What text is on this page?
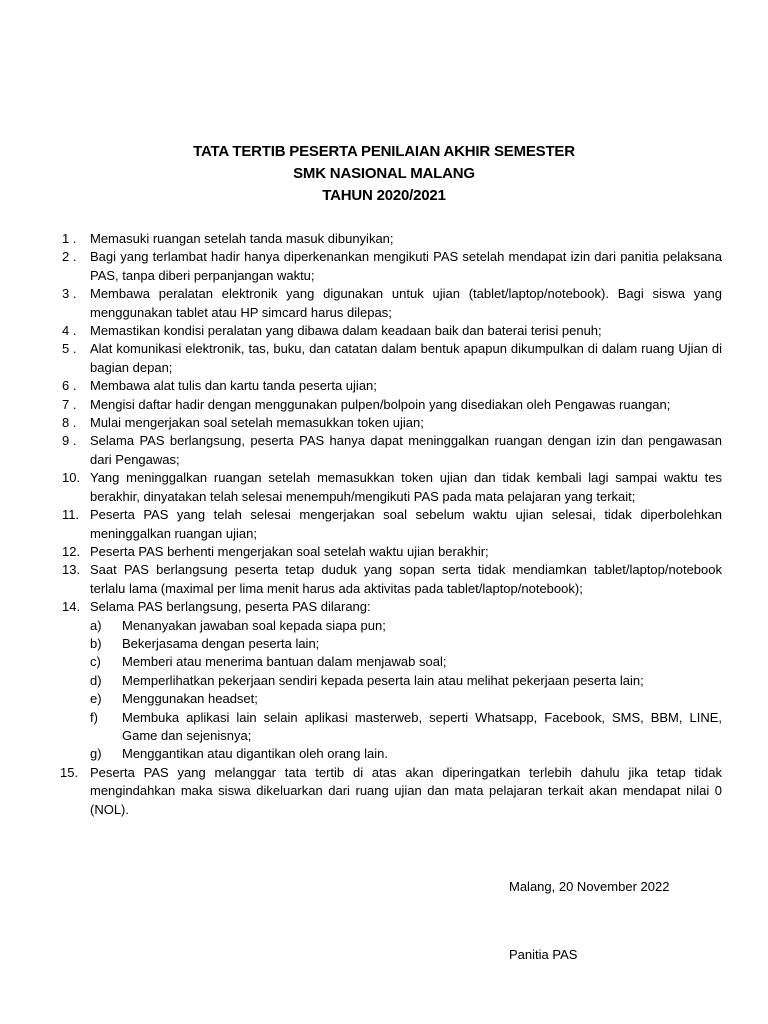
TATA TERTIB PESERTA PENILAIAN AKHIR SEMESTER
SMK NASIONAL MALANG
TAHUN 2020/2021
1 .	Memasuki ruangan setelah tanda masuk dibunyikan;
2 .	Bagi yang terlambat hadir hanya diperkenankan mengikuti PAS setelah mendapat izin dari panitia pelaksana PAS, tanpa diberi perpanjangan waktu;
3 .	Membawa peralatan elektronik yang digunakan untuk ujian (tablet/laptop/notebook). Bagi siswa yang menggunakan tablet atau HP simcard harus dilepas;
4 .	Memastikan kondisi peralatan yang dibawa dalam keadaan baik dan baterai terisi penuh;
5 .	Alat komunikasi elektronik, tas, buku, dan catatan dalam bentuk apapun dikumpulkan di dalam ruang Ujian di bagian depan;
6 .	Membawa alat tulis dan kartu tanda peserta ujian;
7 .	Mengisi daftar hadir dengan menggunakan pulpen/bolpoin yang disediakan oleh Pengawas ruangan;
8 .	Mulai mengerjakan soal setelah memasukkan token ujian;
9 .	Selama PAS berlangsung, peserta PAS hanya dapat meninggalkan ruangan dengan izin dan pengawasan dari Pengawas;
10. Yang meninggalkan ruangan setelah memasukkan token ujian dan tidak kembali lagi sampai waktu tes berakhir, dinyatakan telah selesai menempuh/mengikuti PAS pada mata pelajaran yang terkait;
11. Peserta PAS yang telah selesai mengerjakan soal sebelum waktu ujian selesai, tidak diperbolehkan meninggalkan ruangan ujian;
12. Peserta PAS berhenti mengerjakan soal setelah waktu ujian berakhir;
13. Saat PAS berlangsung peserta tetap duduk yang sopan serta tidak mendiamkan tablet/laptop/notebook terlalu lama (maximal per lima menit harus ada aktivitas pada tablet/laptop/notebook);
14. Selama PAS berlangsung, peserta PAS dilarang:
a)	Menanyakan jawaban soal kepada siapa pun;
b)	Bekerjasama dengan peserta lain;
c)	Memberi atau menerima bantuan dalam menjawab soal;
d)	Memperlihatkan pekerjaan sendiri kepada peserta lain atau melihat pekerjaan peserta lain;
e)	Menggunakan headset;
f)	Membuka aplikasi lain selain aplikasi masterweb, seperti Whatsapp, Facebook, SMS, BBM, LINE, Game dan sejenisnya;
g)	Menggantikan atau digantikan oleh orang lain.
15. Peserta PAS yang melanggar tata tertib di atas akan diperingatkan terlebih dahulu jika tetap tidak mengindahkan maka siswa dikeluarkan dari ruang ujian dan mata pelajaran terkait akan mendapat nilai 0 (NOL).
Malang, 20 November 2022
Panitia PAS
